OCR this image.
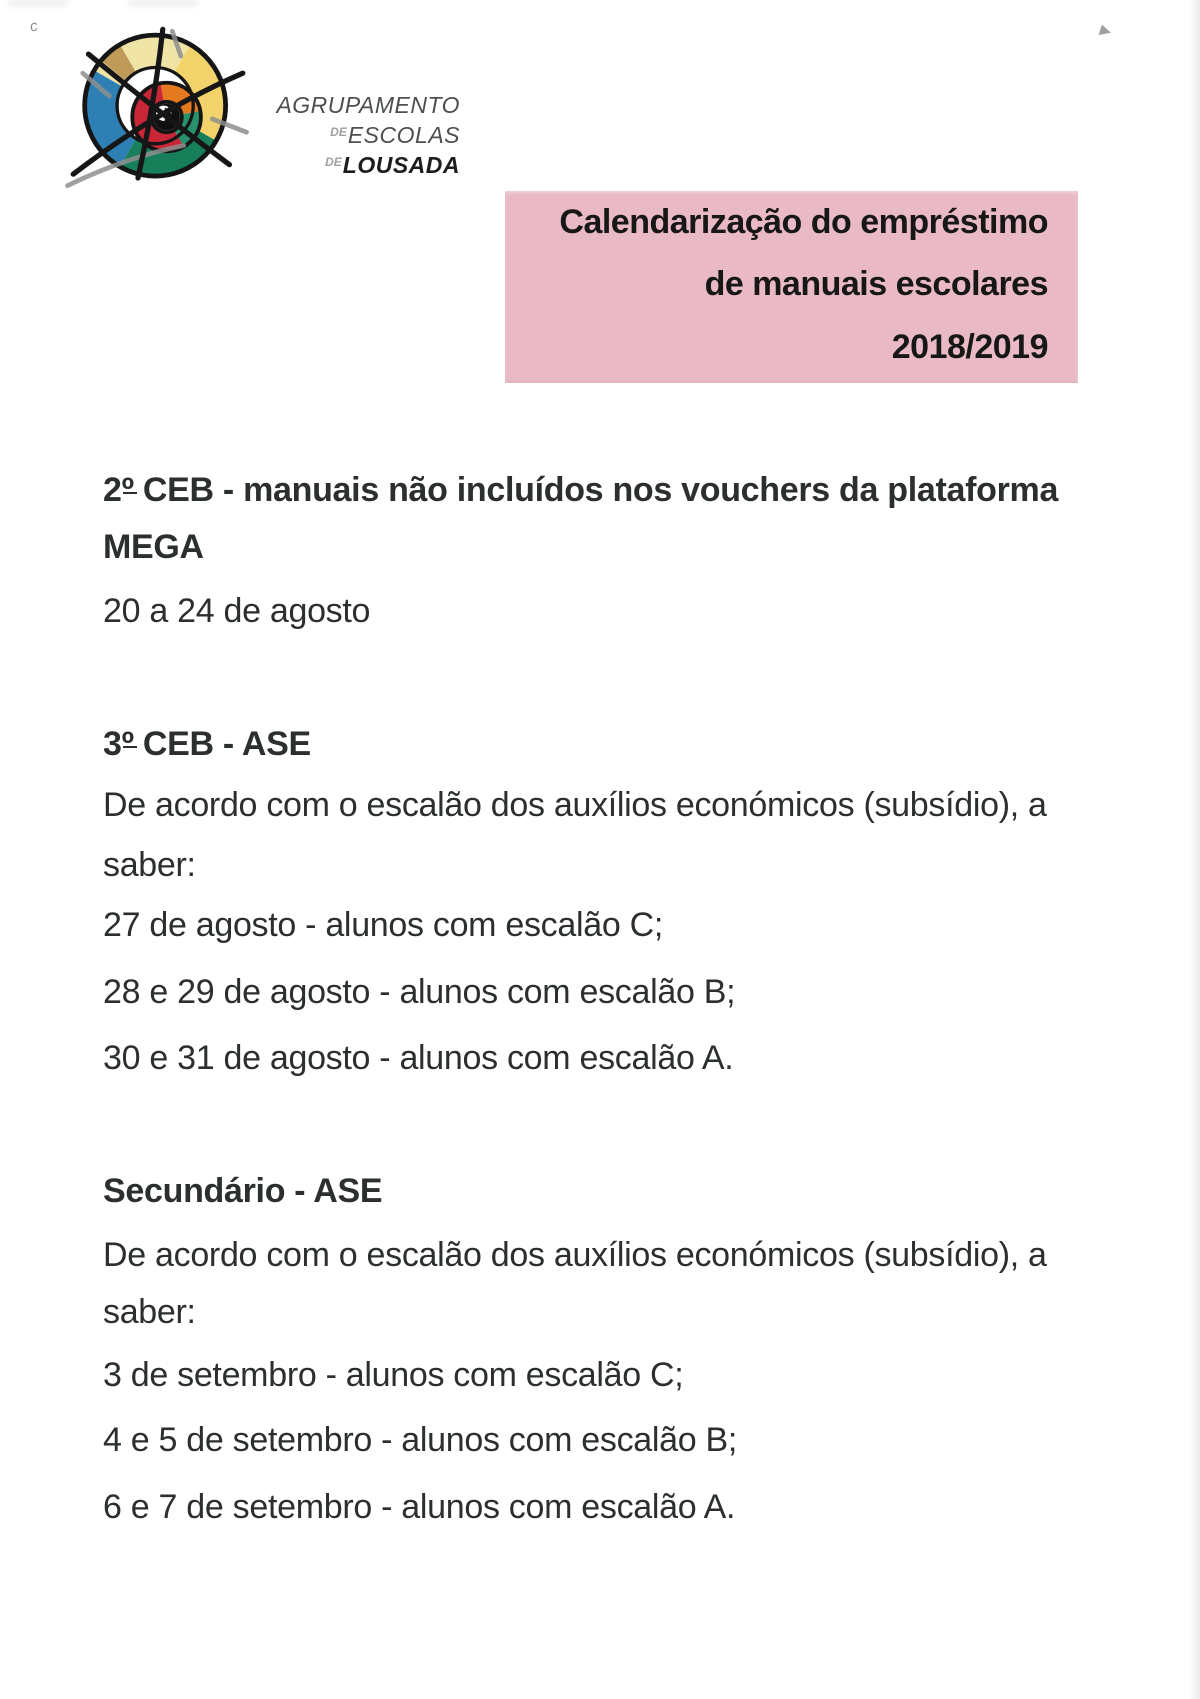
c
AGRUPAMENTO
$^{DE}$ESCOLAS
$^{DE}$LOUSADA
Calendarização do empréstimo
de manuais escolares
2018/2019
2º CEB - manuais não incluídos nos vouchers da plataforma
MEGA
20 a 24 de agosto
3º CEB - ASE
De acordo com o escalão dos auxílios económicos (subsídio), a
saber:
27 de agosto - alunos com escalão C;
28 e 29 de agosto - alunos com escalão B;
30 e 31 de agosto - alunos com escalão A.
Secundário - ASE
De acordo com o escalão dos auxílios económicos (subsídio), a
saber:
3 de setembro - alunos com escalão C;
4 e 5 de setembro - alunos com escalão B;
6 e 7 de setembro - alunos com escalão A.
